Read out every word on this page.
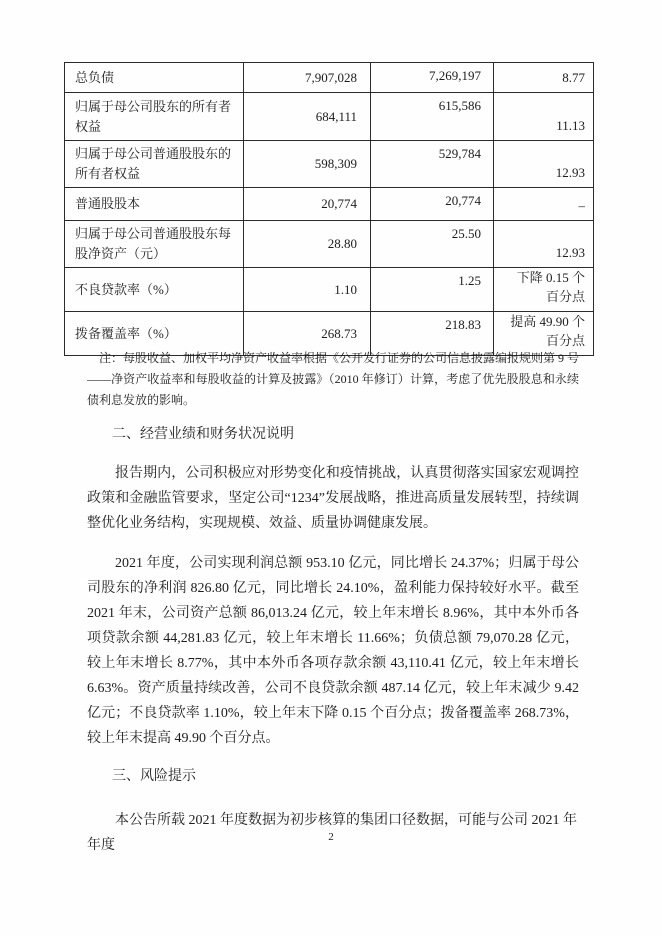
总负债	7,907,028	7,269,197	8.77
归属于母公司股东的所有者权益	684,111	615,586	11.13
归属于母公司普通股股东的所有者权益	598,309	529,784	12.93
普通股股本	20,774	20,774	–
归属于母公司普通股股东每股净资产（元）	28.80	25.50	12.93
不良贷款率（%）	1.10	1.25	下降 0.15 个百分点
拨备覆盖率（%）	268.73	218.83	提高 49.90 个百分点
注：每股收益、加权平均净资产收益率根据《公开发行证券的公司信息披露编报规则第 9 号——净资产收益率和每股收益的计算及披露》（2010 年修订）计算，考虑了优先股股息和永续债利息发放的影响。
二、经营业绩和财务状况说明
报告期内，公司积极应对形势变化和疫情挑战，认真贯彻落实国家宏观调控政策和金融监管要求，坚定公司“1234”发展战略，推进高质量发展转型，持续调整优化业务结构，实现规模、效益、质量协调健康发展。
2021 年度，公司实现利润总额 953.10 亿元，同比增长 24.37%；归属于母公司股东的净利润 826.80 亿元，同比增长 24.10%，盈利能力保持较好水平。截至 2021 年末，公司资产总额 86,013.24 亿元，较上年末增长 8.96%，其中本外币各项贷款余额 44,281.83 亿元，较上年末增长 11.66%；负债总额 79,070.28 亿元，较上年末增长 8.77%，其中本外币各项存款余额 43,110.41 亿元，较上年末增长 6.63%。资产质量持续改善，公司不良贷款余额 487.14 亿元，较上年末减少 9.42 亿元；不良贷款率 1.10%，较上年末下降 0.15 个百分点；拨备覆盖率 268.73%，较上年末提高 49.90 个百分点。
三、风险提示
本公告所载 2021 年度数据为初步核算的集团口径数据，可能与公司 2021 年年度
2
